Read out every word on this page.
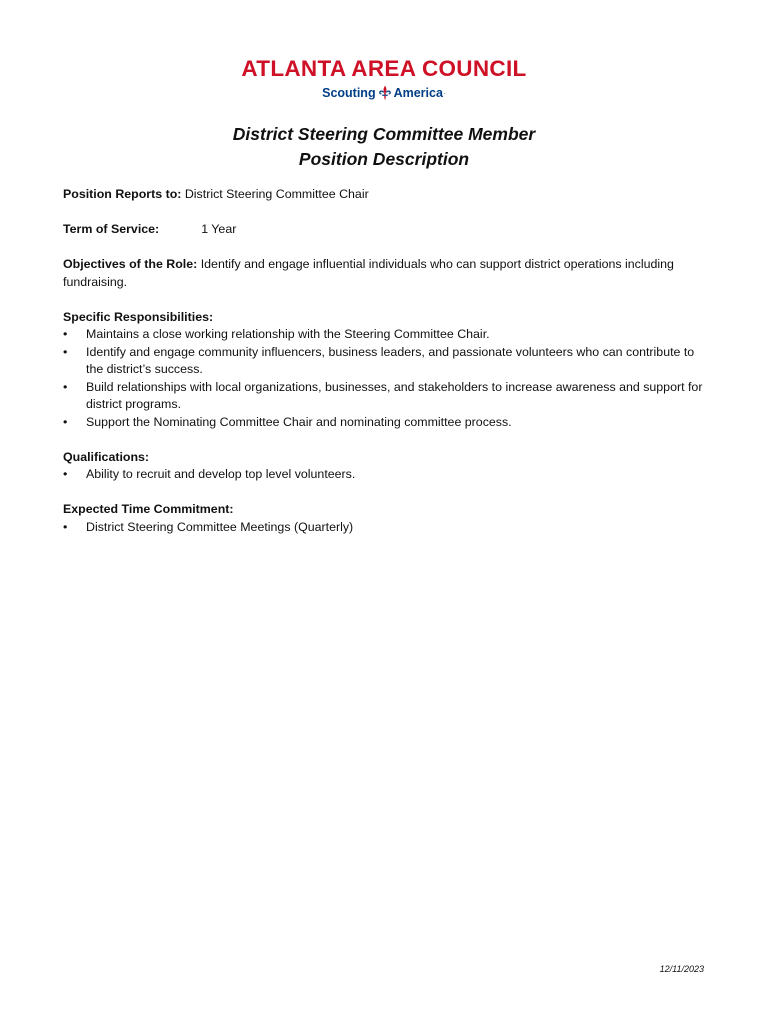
ATLANTA AREA COUNCIL
Scouting America .
District Steering Committee Member
Position Description

Position Reports to: District Steering Committee Chair

Term of Service:	1 Year

Objectives of the Role: Identify and engage influential individuals who can support district operations including fundraising.

Specific Responsibilities:

• Maintains a close working relationship with the Steering Committee Chair.
• Identify and engage community influencers, business leaders, and passionate volunteers who can contribute to the district’s success.
• Build relationships with local organizations, businesses, and stakeholders to increase awareness and support for district programs.
• Support the Nominating Committee Chair and nominating committee process.

Qualifications:

• Ability to recruit and develop top level volunteers.

Expected Time Commitment:

• District Steering Committee Meetings (Quarterly)
12/11/2023
